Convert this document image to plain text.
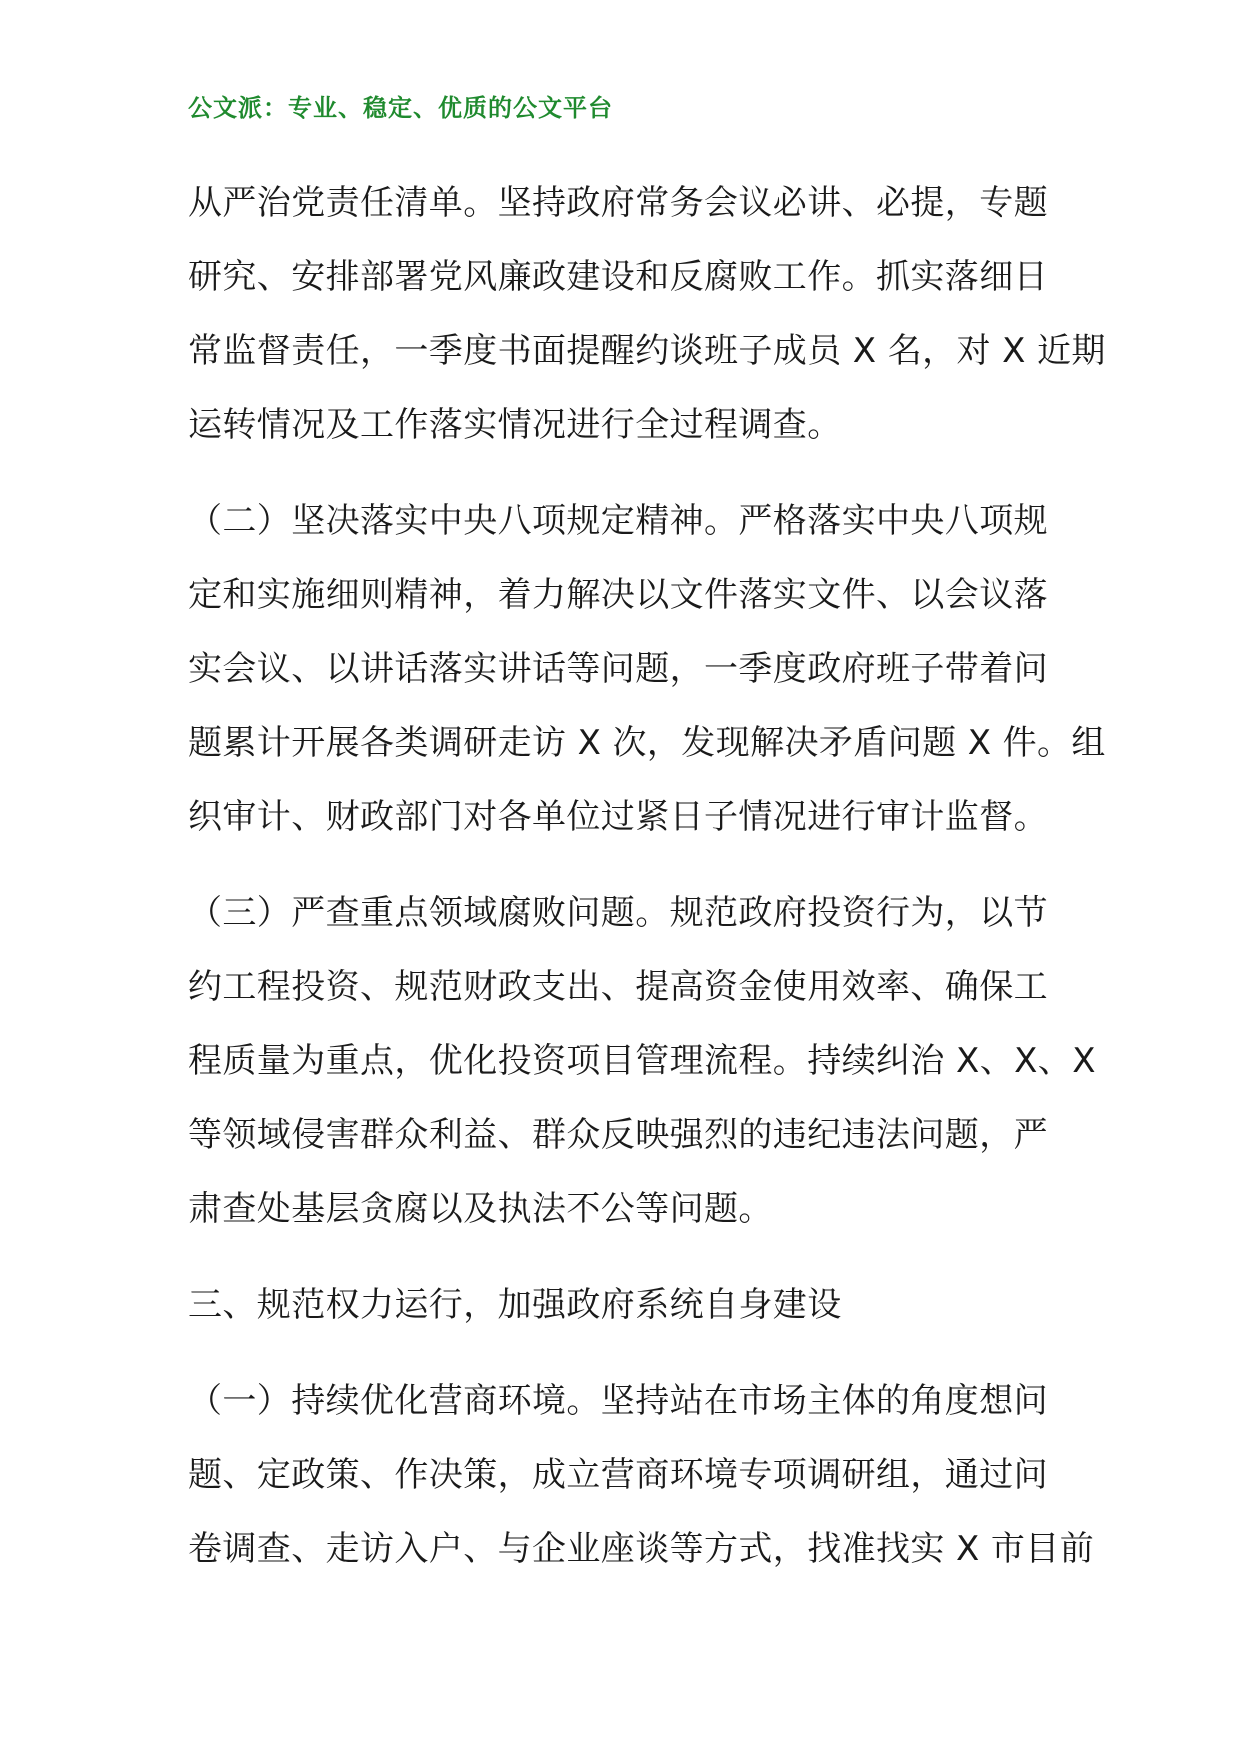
公文派：专业、稳定、优质的公文平台
从严治党责任清单。坚持政府常务会议必讲、必提，专题
研究、安排部署党风廉政建设和反腐败工作。抓实落细日
常监督责任，一季度书面提醒约谈班子成员 X 名，对 X 近期
运转情况及工作落实情况进行全过程调查。
（二）坚决落实中央八项规定精神。严格落实中央八项规
定和实施细则精神，着力解决以文件落实文件、以会议落
实会议、以讲话落实讲话等问题，一季度政府班子带着问
题累计开展各类调研走访 X 次，发现解决矛盾问题 X 件。组
织审计、财政部门对各单位过紧日子情况进行审计监督。
（三）严查重点领域腐败问题。规范政府投资行为，以节
约工程投资、规范财政支出、提高资金使用效率、确保工
程质量为重点，优化投资项目管理流程。持续纠治 X、X、X
等领域侵害群众利益、群众反映强烈的违纪违法问题，严
肃查处基层贪腐以及执法不公等问题。
三、规范权力运行，加强政府系统自身建设
（一）持续优化营商环境。坚持站在市场主体的角度想问
题、定政策、作决策，成立营商环境专项调研组，通过问
卷调查、走访入户、与企业座谈等方式，找准找实 X 市目前
